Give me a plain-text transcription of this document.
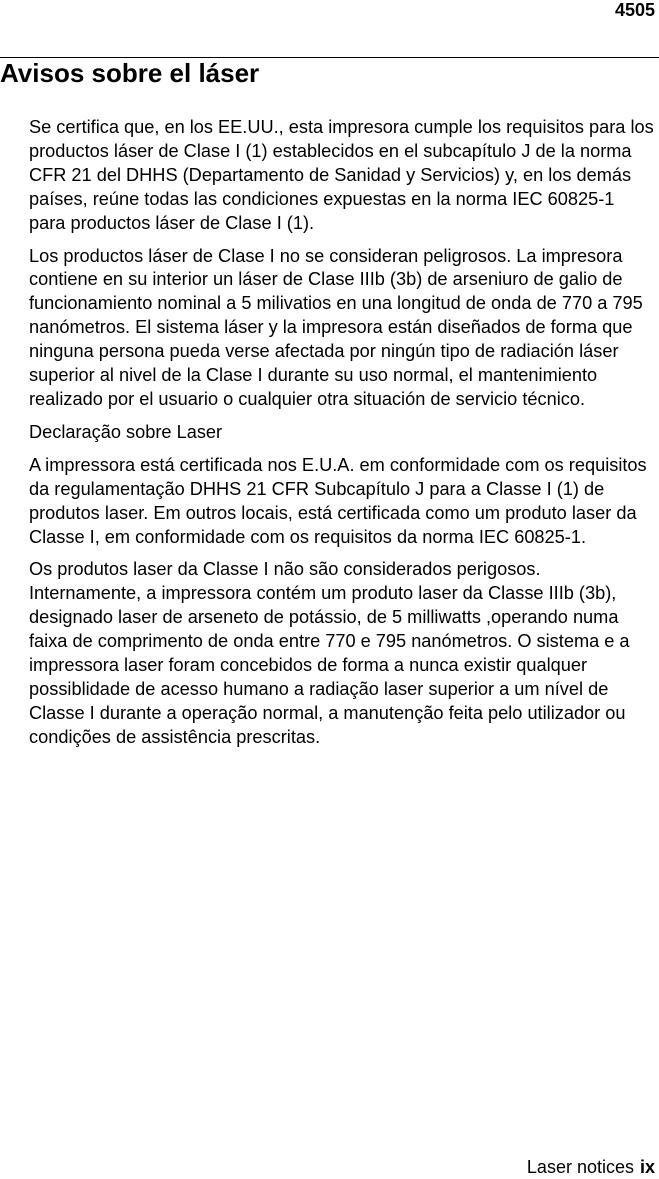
4505
Avisos sobre el láser

Se certifica que, en los EE.UU., esta impresora cumple los requisitos para los productos láser de Clase I (1) establecidos en el subcapítulo J de la norma CFR 21 del DHHS (Departamento de Sanidad y Servicios) y, en los demás países, reúne todas las condiciones expuestas en la norma IEC 60825-1 para productos láser de Clase I (1).

Los productos láser de Clase I no se consideran peligrosos. La impresora contiene en su interior un láser de Clase IIIb (3b) de arseniuro de galio de funcionamiento nominal a 5 milivatios en una longitud de onda de 770 a 795 nanómetros. El sistema láser y la impresora están diseñados de forma que ninguna persona pueda verse afectada por ningún tipo de radiación láser superior al nivel de la Clase I durante su uso normal, el mantenimiento realizado por el usuario o cualquier otra situación de servicio técnico.

Declaração sobre Laser

A impressora está certificada nos E.U.A. em conformidade com os requisitos da regulamentação DHHS 21 CFR Subcapítulo J para a Classe I (1) de produtos laser. Em outros locais, está certificada como um produto laser da Classe I, em conformidade com os requisitos da norma IEC 60825-1.

Os produtos laser da Classe I não são considerados perigosos. Internamente, a impressora contém um produto laser da Classe IIIb (3b), designado laser de arseneto de potássio, de 5 milliwatts ,operando numa faixa de comprimento de onda entre 770 e 795 nanómetros. O sistema e a impressora laser foram concebidos de forma a nunca existir qualquer possiblidade de acesso humano a radiação laser superior a um nível de Classe I durante a operação normal, a manutenção feita pelo utilizador ou condições de assistência prescritas.

Laser notices ix
